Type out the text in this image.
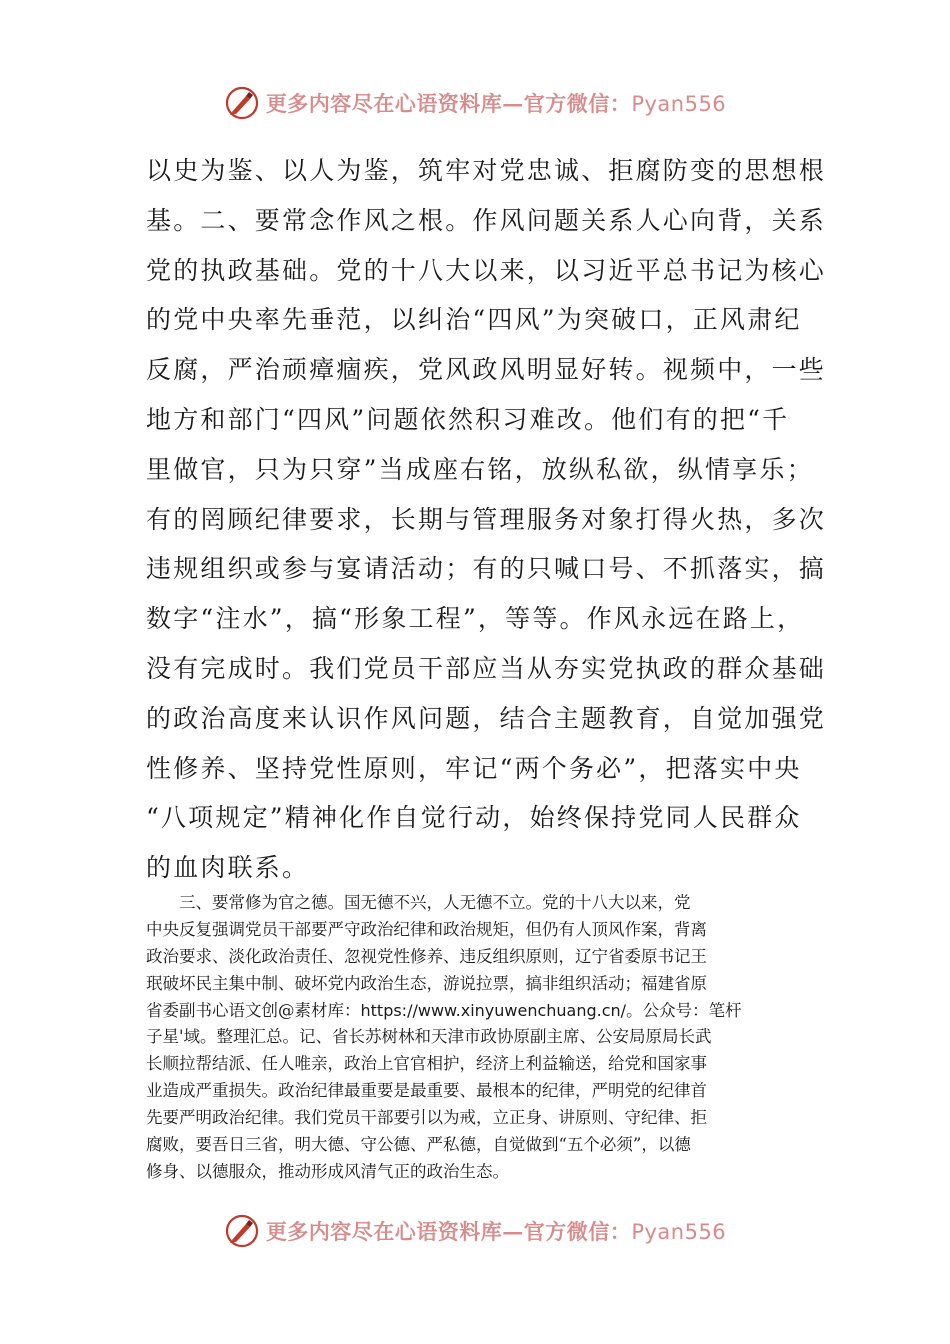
更多内容尽在心语资料库—官方微信：Pyan556
以史为鉴、以人为鉴，筑牢对党忠诚、拒腐防变的思想根
基。二、要常念作风之根。作风问题关系人心向背，关系
党的执政基础。党的十八大以来，以习近平总书记为核心
的党中央率先垂范，以纠治“四风”为突破口，正风肃纪
反腐，严治顽瘴痼疾，党风政风明显好转。视频中，一些
地方和部门“四风”问题依然积习难改。他们有的把“千
里做官，只为只穿”当成座右铭，放纵私欲，纵情享乐；
有的罔顾纪律要求，长期与管理服务对象打得火热，多次
违规组织或参与宴请活动；有的只喊口号、不抓落实，搞
数字“注水”，搞“形象工程”，等等。作风永远在路上，
没有完成时。我们党员干部应当从夯实党执政的群众基础
的政治高度来认识作风问题，结合主题教育，自觉加强党
性修养、坚持党性原则，牢记“两个务必”，把落实中央
“八项规定”精神化作自觉行动，始终保持党同人民群众
的血肉联系。
　　三、要常修为官之德。国无德不兴，人无德不立。党的十八大以来，党
中央反复强调党员干部要严守政治纪律和政治规矩，但仍有人顶风作案，背离
政治要求、淡化政治责任、忽视党性修养、违反组织原则，辽宁省委原书记王
珉破坏民主集中制、破坏党内政治生态，游说拉票，搞非组织活动；福建省原
省委副书心语文创@素材库：https://www.xinyuwenchuang.cn/。公众号：笔杆
子星'域。整理汇总。记、省长苏树林和天津市政协原副主席、公安局原局长武
长顺拉帮结派、任人唯亲，政治上官官相护，经济上利益输送，给党和国家事
业造成严重损失。政治纪律最重要是最重要、最根本的纪律，严明党的纪律首
先要严明政治纪律。我们党员干部要引以为戒，立正身、讲原则、守纪律、拒
腐败，要吾日三省，明大德、守公德、严私德，自觉做到“五个必须”，以德
修身、以德服众，推动形成风清气正的政治生态。
更多内容尽在心语资料库—官方微信：Pyan556
